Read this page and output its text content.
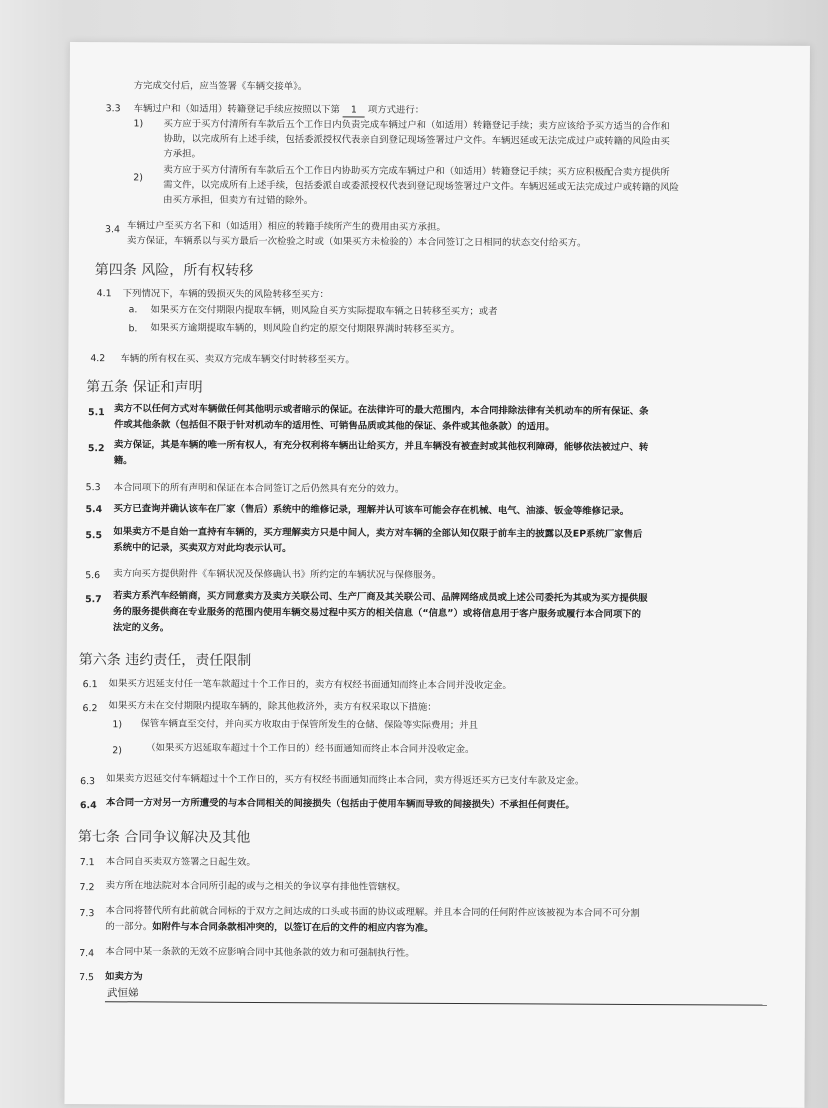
方完成交付后，应当签署《车辆交接单》。
3.3 车辆过户和（如适用）转籍登记手续应按照以下第 1 项方式进行：
1) 买方应于买方付清所有车款后五个工作日内负责完成车辆过户和（如适用）转籍登记手续；卖方应该给予买方适当的合作和
协助，以完成所有上述手续，包括委派授权代表亲自到登记现场签署过户文件。车辆迟延或无法完成过户或转籍的风险由买
方承担。
2) 卖方应于买方付清所有车款后五个工作日内协助买方完成车辆过户和（如适用）转籍登记手续；买方应积极配合卖方提供所
需文件，以完成所有上述手续，包括委派自或委派授权代表到登记现场签署过户文件。车辆迟延或无法完成过户或转籍的风险
由买方承担，但卖方有过错的除外。
3.4 车辆过户至买方名下和（如适用）相应的转籍手续所产生的费用由买方承担。
卖方保证，车辆系以与买方最后一次检验之时或（如果买方未检验的）本合同签订之日相同的状态交付给买方。
第四条 风险，所有权转移
4.1 下列情况下，车辆的毁损灭失的风险转移至买方：
a. 如果买方在交付期限内提取车辆，则风险自买方实际提取车辆之日转移至买方；或者
b. 如果买方逾期提取车辆的，则风险自约定的原交付期限界满时转移至买方。
4.2 车辆的所有权在买、卖双方完成车辆交付时转移至买方。
第五条 保证和声明
5.1 卖方不以任何方式对车辆做任何其他明示或者暗示的保证。在法律许可的最大范围内，本合同排除法律有关机动车的所有保证、条
件或其他条款（包括但不限于针对机动车的适用性、可销售品质或其他的保证、条件或其他条款）的适用。
5.2 卖方保证，其是车辆的唯一所有权人，有充分权利将车辆出让给买方，并且车辆没有被查封或其他权利障碍，能够依法被过户、转
籍。
5.3 本合同项下的所有声明和保证在本合同签订之后仍然具有充分的效力。
5.4 买方已查询并确认该车在厂家（售后）系统中的维修记录，理解并认可该车可能会存在机械、电气、油漆、钣金等维修记录。
5.5 如果卖方不是自始一直持有车辆的，买方理解卖方只是中间人，卖方对车辆的全部认知仅限于前车主的披露以及EP系统厂家售后
系统中的记录，买卖双方对此均表示认可。
5.6 卖方向买方提供附件《车辆状况及保修确认书》所约定的车辆状况与保修服务。
5.7 若卖方系汽车经销商，买方同意卖方及卖方关联公司、生产厂商及其关联公司、品牌网络成员或上述公司委托为其或为买方提供服
务的服务提供商在专业服务的范围内使用车辆交易过程中买方的相关信息（“信息”）或将信息用于客户服务或履行本合同项下的
法定的义务。
第六条 违约责任，责任限制
6.1 如果买方迟延支付任一笔车款超过十个工作日的，卖方有权经书面通知而终止本合同并没收定金。
6.2 如果买方未在交付期限内提取车辆的，除其他救济外，卖方有权采取以下措施：
1) 保管车辆直至交付，并向买方收取由于保管所发生的仓储、保险等实际费用；并且
2)	（如果买方迟延取车超过十个工作日的）经书面通知而终止本合同并没收定金。
6.3 如果卖方迟延交付车辆超过十个工作日的，买方有权经书面通知而终止本合同，卖方得返还买方已支付车款及定金。
6.4 本合同一方对另一方所遭受的与本合同相关的间接损失（包括由于使用车辆而导致的间接损失）不承担任何责任。
第七条 合同争议解决及其他
7.1 本合同自买卖双方签署之日起生效。
7.2 卖方所在地法院对本合同所引起的或与之相关的争议享有排他性管辖权。
7.3 本合同将替代所有此前就合同标的于双方之间达成的口头或书面的协议或理解。并且本合同的任何附件应该被视为本合同不可分割
的一部分。如附件与本合同条款相冲突的，以签订在后的文件的相应内容为准。
7.4 本合同中某一条款的无效不应影响合同中其他条款的效力和可强制执行性。
7.5 如卖方为
武恒娣
